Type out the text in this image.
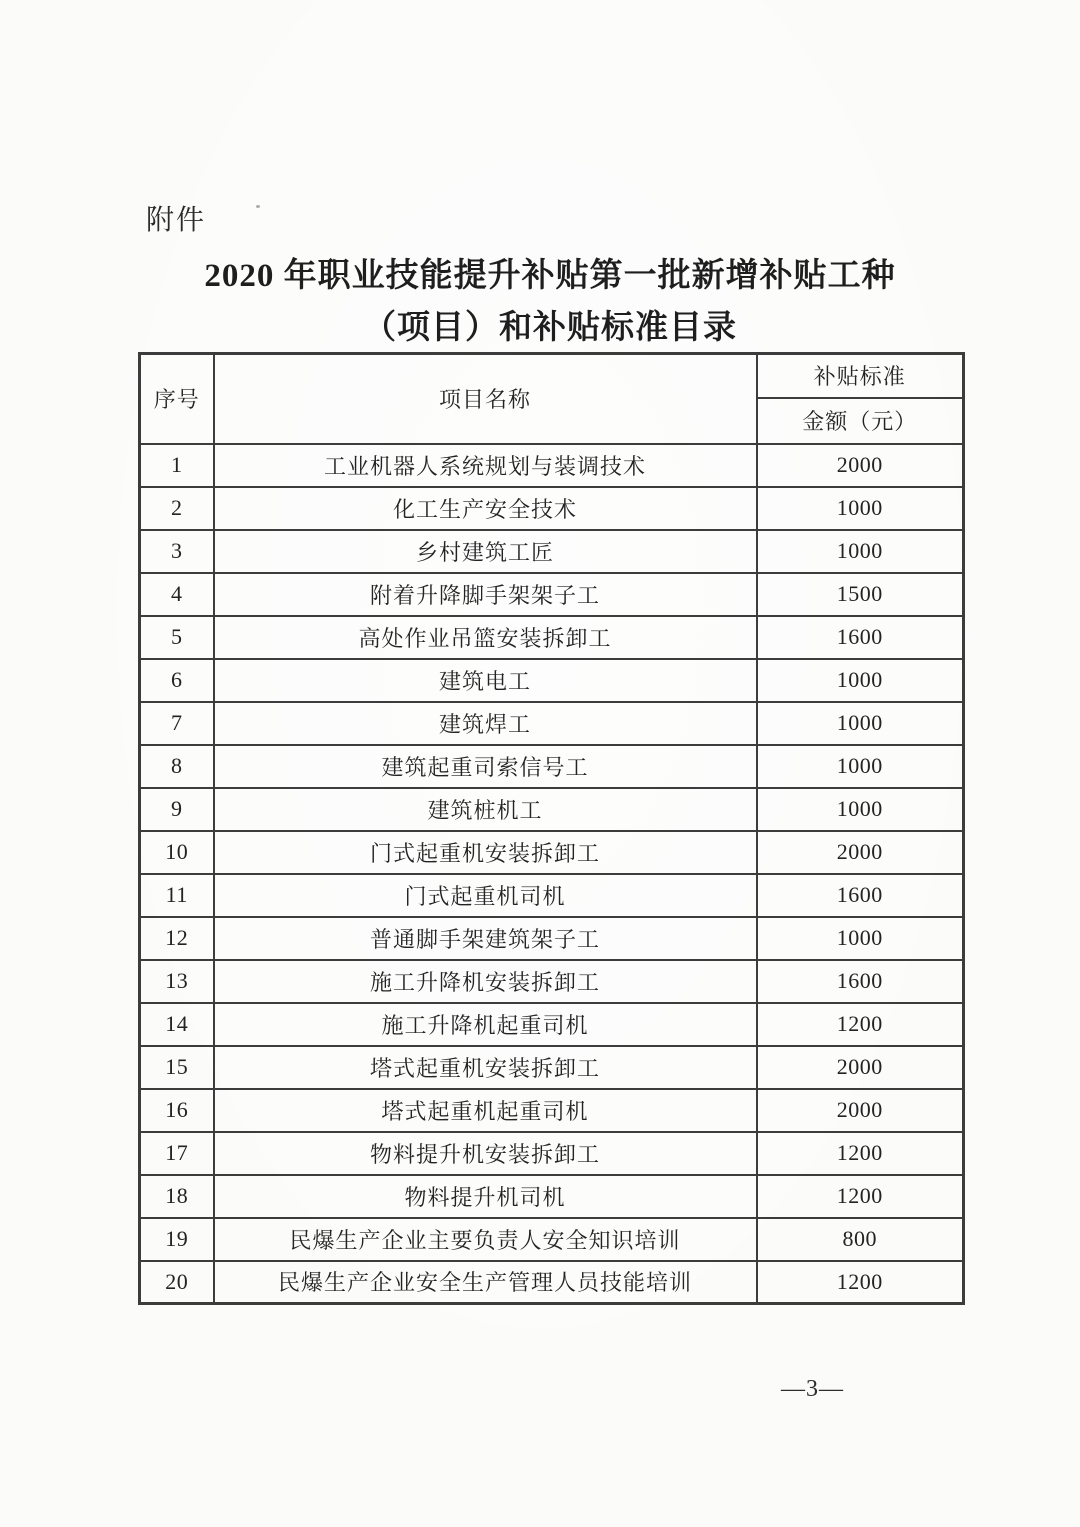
附件
2020 年职业技能提升补贴第一批新增补贴工种
（项目）和补贴标准目录
序号	项目名称	补贴标准
		金额（元）
1	工业机器人系统规划与装调技术	2000
2	化工生产安全技术	1000
3	乡村建筑工匠	1000
4	附着升降脚手架架子工	1500
5	高处作业吊篮安装拆卸工	1600
6	建筑电工	1000
7	建筑焊工	1000
8	建筑起重司索信号工	1000
9	建筑桩机工	1000
10	门式起重机安装拆卸工	2000
11	门式起重机司机	1600
12	普通脚手架建筑架子工	1000
13	施工升降机安装拆卸工	1600
14	施工升降机起重司机	1200
15	塔式起重机安装拆卸工	2000
16	塔式起重机起重司机	2000
17	物料提升机安装拆卸工	1200
18	物料提升机司机	1200
19	民爆生产企业主要负责人安全知识培训	800
20	民爆生产企业安全生产管理人员技能培训	1200
—3—
